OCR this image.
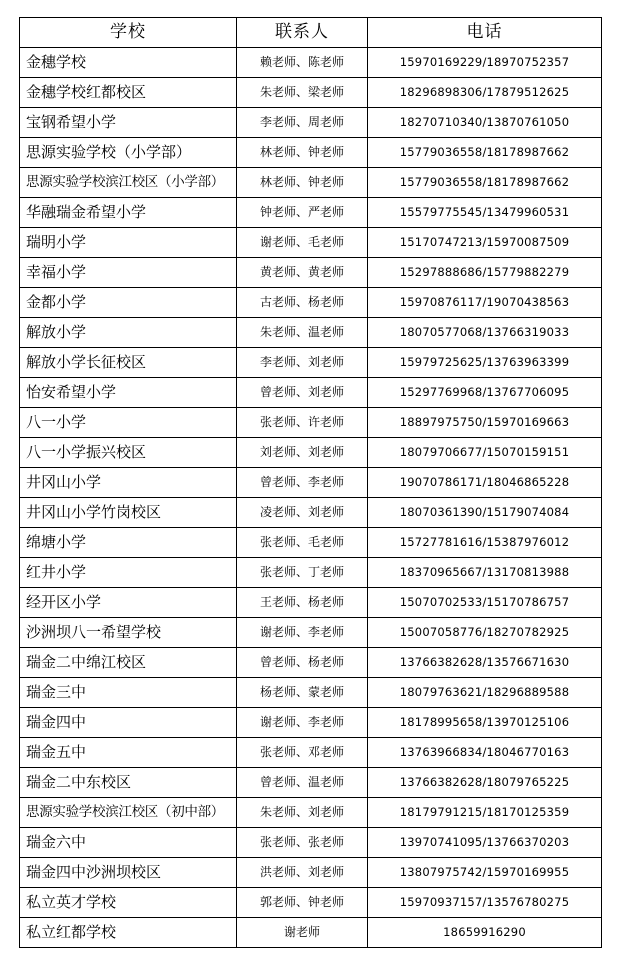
学校	联系人	电话
金穗学校	赖老师、陈老师	15970169229/18970752357
金穗学校红都校区	朱老师、梁老师	18296898306/17879512625
宝钢希望小学	李老师、周老师	18270710340/13870761050
思源实验学校（小学部）	林老师、钟老师	15779036558/18178987662
思源实验学校滨江校区（小学部）	林老师、钟老师	15779036558/18178987662
华融瑞金希望小学	钟老师、严老师	15579775545/13479960531
瑞明小学	谢老师、毛老师	15170747213/15970087509
幸福小学	黄老师、黄老师	15297888686/15779882279
金都小学	古老师、杨老师	15970876117/19070438563
解放小学	朱老师、温老师	18070577068/13766319033
解放小学长征校区	李老师、刘老师	15979725625/13763963399
怡安希望小学	曾老师、刘老师	15297769968/13767706095
八一小学	张老师、许老师	18897975750/15970169663
八一小学振兴校区	刘老师、刘老师	18079706677/15070159151
井冈山小学	曾老师、李老师	19070786171/18046865228
井冈山小学竹岗校区	凌老师、刘老师	18070361390/15179074084
绵塘小学	张老师、毛老师	15727781616/15387976012
红井小学	张老师、丁老师	18370965667/13170813988
经开区小学	王老师、杨老师	15070702533/15170786757
沙洲坝八一希望学校	谢老师、李老师	15007058776/18270782925
瑞金二中绵江校区	曾老师、杨老师	13766382628/13576671630
瑞金三中	杨老师、蒙老师	18079763621/18296889588
瑞金四中	谢老师、李老师	18178995658/13970125106
瑞金五中	张老师、邓老师	13763966834/18046770163
瑞金二中东校区	曾老师、温老师	13766382628/18079765225
思源实验学校滨江校区（初中部）	朱老师、刘老师	18179791215/18170125359
瑞金六中	张老师、张老师	13970741095/13766370203
瑞金四中沙洲坝校区	洪老师、刘老师	13807975742/15970169955
私立英才学校	郭老师、钟老师	15970937157/13576780275
私立红都学校	谢老师	18659916290
